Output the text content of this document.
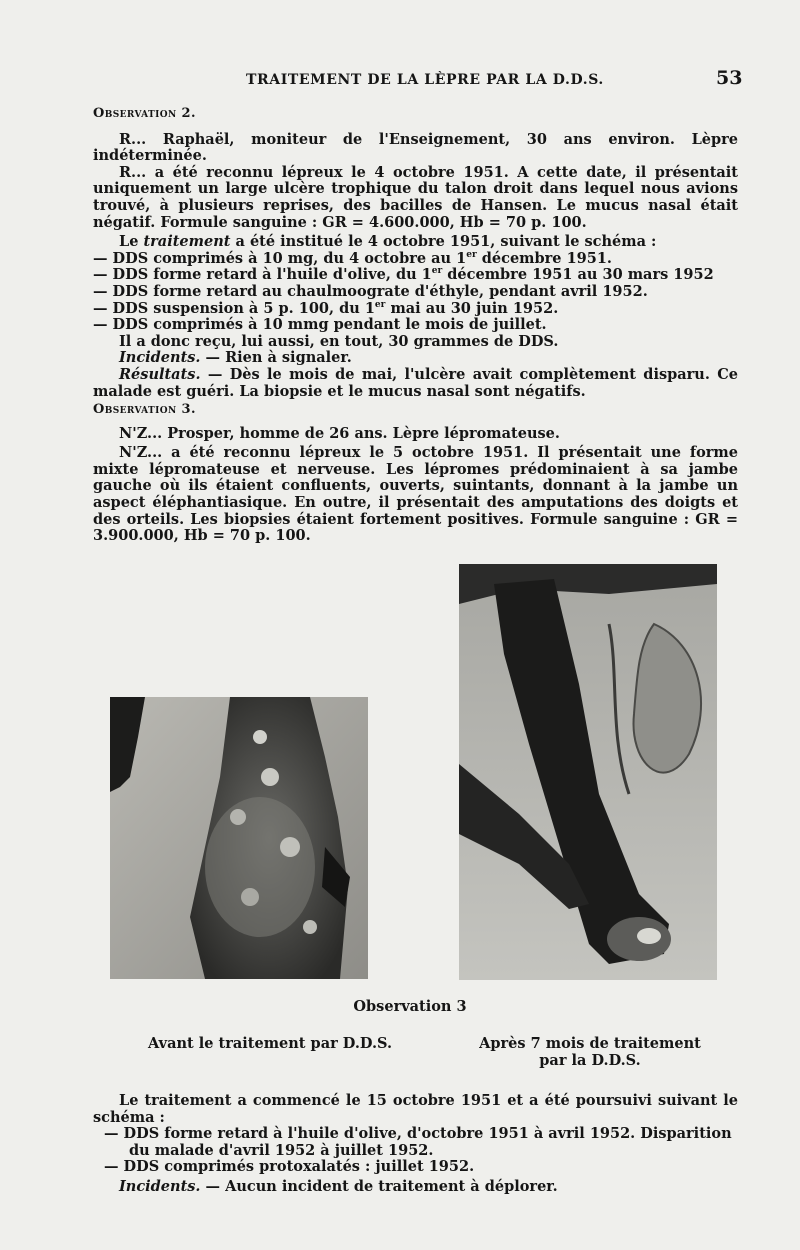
TRAITEMENT DE LA LÈPRE PAR LA D.D.S.	53

Observation 2.

R... Raphaël, moniteur de l'Enseignement, 30 ans environ. Lèpre indéterminée.

R... a été reconnu lépreux le 4 octobre 1951. A cette date, il présentait uniquement un large ulcère trophique du talon droit dans lequel nous avions trouvé, à plusieurs reprises, des bacilles de Hansen. Le mucus nasal était négatif. Formule sanguine : GR = 4.600.000, Hb = 70 p. 100.

Le traitement a été institué le 4 octobre 1951, suivant le schéma :

— DDS comprimés à 10 mg, du 4 octobre au 1er décembre 1951.

— DDS forme retard à l'huile d'olive, du 1er décembre 1951 au 30 mars 1952

— DDS forme retard au chaulmoograte d'éthyle, pendant avril 1952.

— DDS suspension à 5 p. 100, du 1er mai au 30 juin 1952.

— DDS comprimés à 10 mmg pendant le mois de juillet.

Il a donc reçu, lui aussi, en tout, 30 grammes de DDS.

Incidents. — Rien à signaler.

Résultats. — Dès le mois de mai, l'ulcère avait complètement disparu. Ce malade est guéri. La biopsie et le mucus nasal sont négatifs.

Observation 3.

N'Z... Prosper, homme de 26 ans. Lèpre lépromateuse.

N'Z... a été reconnu lépreux le 5 octobre 1951. Il présentait une forme mixte lépromateuse et nerveuse. Les lépromes prédominaient à sa jambe gauche où ils étaient confluents, ouverts, suintants, donnant à la jambe un aspect éléphantiasique. En outre, il présentait des amputations des doigts et des orteils. Les biopsies étaient fortement positives. Formule sanguine : GR = 3.900.000, Hb = 70 p. 100.

Observation 3
Avant le traitement par D.D.S.	Après 7 mois de traitement
par la D.D.S.

Le traitement a commencé le 15 octobre 1951 et a été poursuivi suivant le schéma :

— DDS forme retard à l'huile d'olive, d'octobre 1951 à avril 1952. Disparition du malade d'avril 1952 à juillet 1952.

— DDS comprimés protoxalatés : juillet 1952.

Incidents. — Aucun incident de traitement à déplorer.
